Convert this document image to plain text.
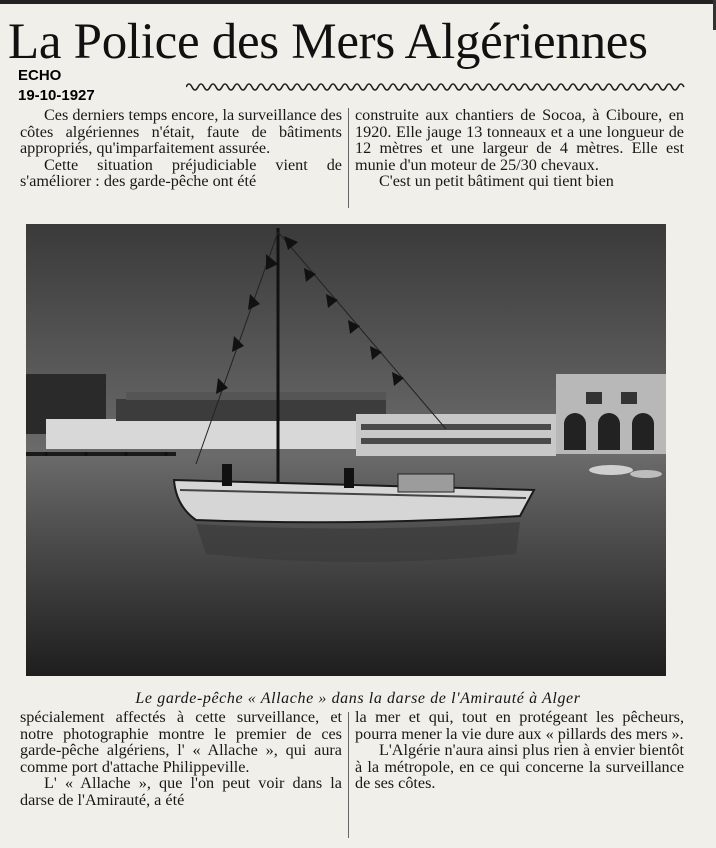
La Police des Mers Algériennes
ECHO
19-10-1927

Ces derniers temps encore, la surveillance des côtes algériennes n'était, faute de bâtiments appropriés, qu'imparfaitement assurée.

Cette situation préjudiciable vient de s'améliorer : des garde-pêche ont été

construite aux chantiers de Socoa, à Ciboure, en 1920. Elle jauge 13 tonneaux et a une longueur de 12 mètres et une largeur de 4 mètres. Elle est munie d'un moteur de 25/30 chevaux.

C'est un petit bâtiment qui tient bien

Le garde-pêche « Allache » dans la darse de l'Amirauté à Alger

spécialement affectés à cette surveillance, et notre photographie montre le premier de ces garde-pêche algériens, l' « Allache », qui aura comme port d'attache Philippeville.

L' « Allache », que l'on peut voir dans la darse de l'Amirauté, a été

la mer et qui, tout en protégeant les pêcheurs, pourra mener la vie dure aux « pillards des mers ».

L'Algérie n'aura ainsi plus rien à envier bientôt à la métropole, en ce qui concerne la surveillance de ses côtes.
